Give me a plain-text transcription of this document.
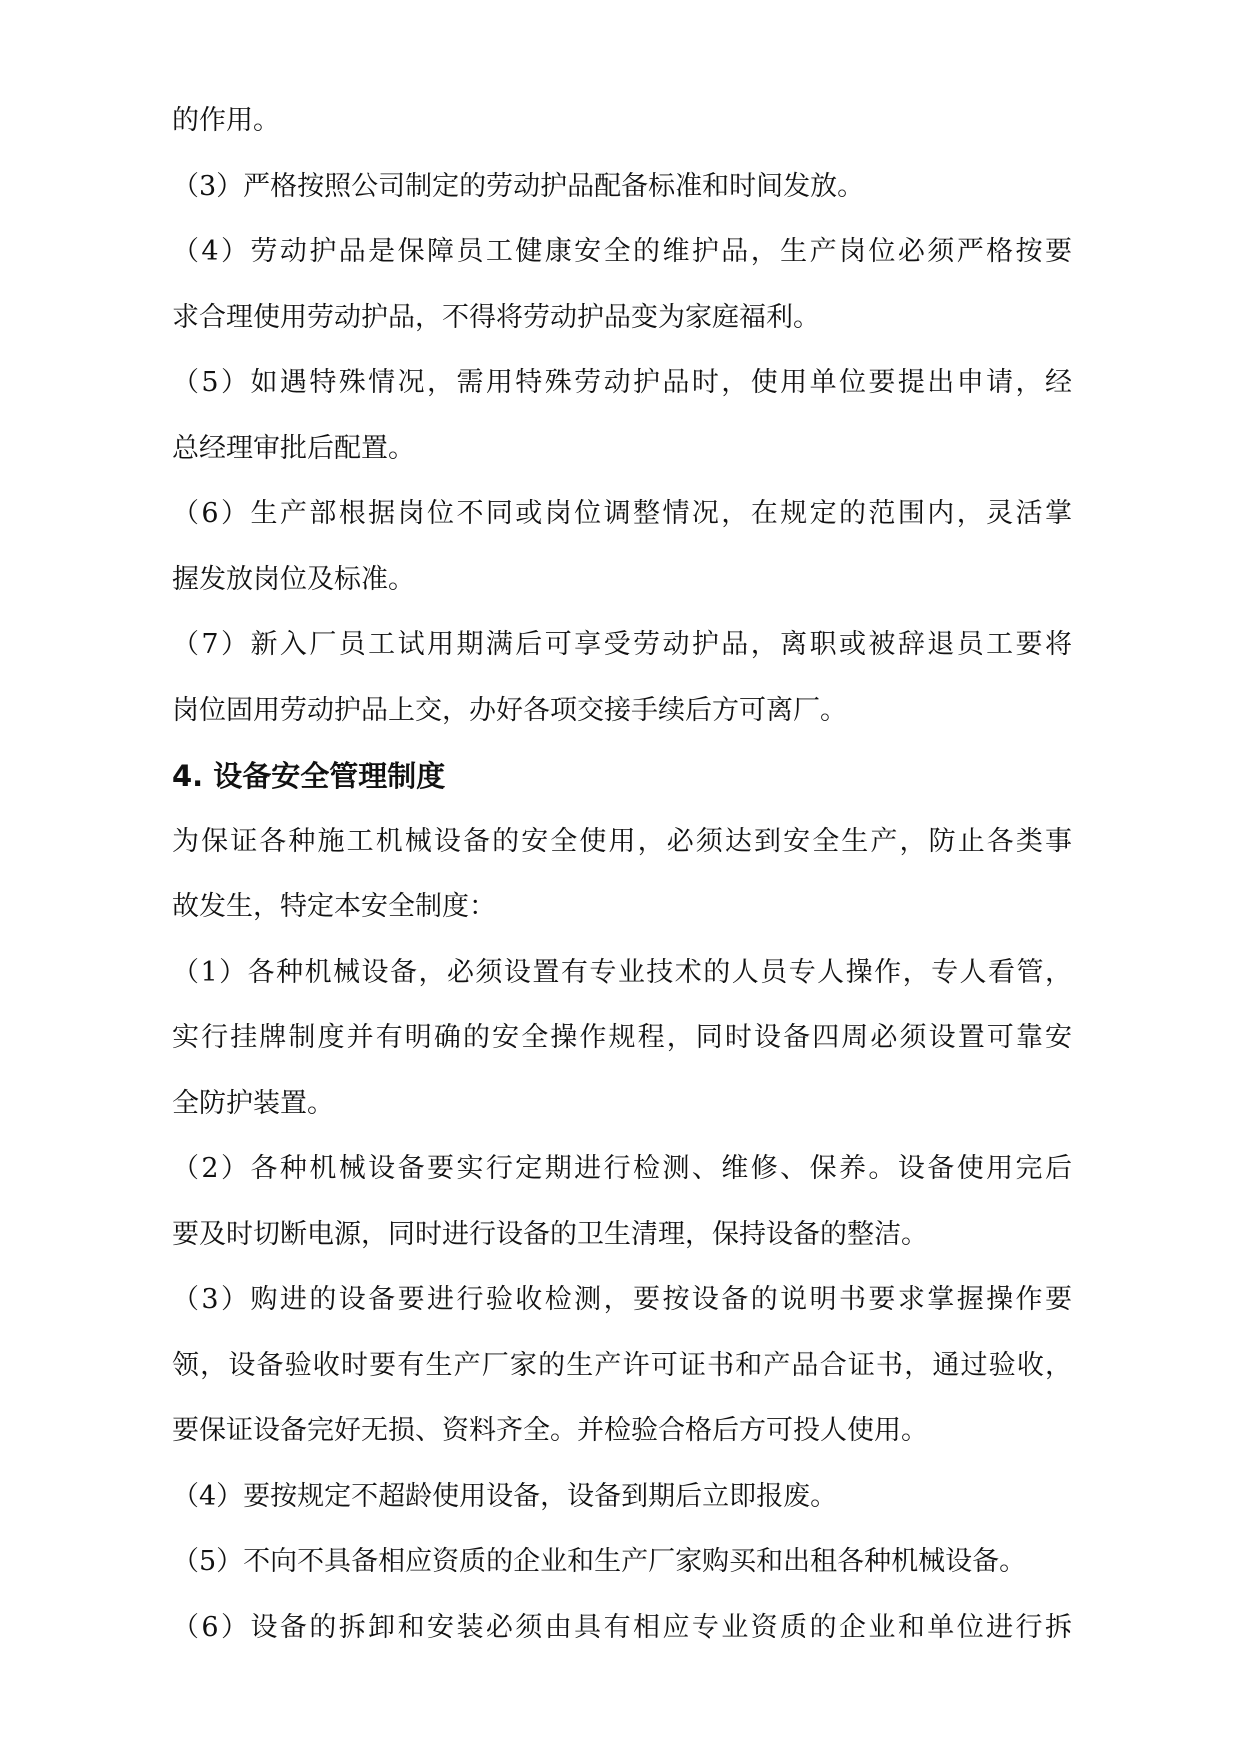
的作用。
（3）严格按照公司制定的劳动护品配备标准和时间发放。
（4）劳动护品是保障员工健康安全的维护品，生产岗位必须严格按要
求合理使用劳动护品，不得将劳动护品变为家庭福利。
（5）如遇特殊情况，需用特殊劳动护品时，使用单位要提出申请，经
总经理审批后配置。
（6）生产部根据岗位不同或岗位调整情况，在规定的范围内，灵活掌
握发放岗位及标准。
（7）新入厂员工试用期满后可享受劳动护品，离职或被辞退员工要将
岗位固用劳动护品上交，办好各项交接手续后方可离厂。
4. 设备安全管理制度
为保证各种施工机械设备的安全使用，必须达到安全生产，防止各类事
故发生，特定本安全制度：
（1）各种机械设备，必须设置有专业技术的人员专人操作，专人看管，
实行挂牌制度并有明确的安全操作规程，同时设备四周必须设置可靠安
全防护装置。
（2）各种机械设备要实行定期进行检测、维修、保养。设备使用完后
要及时切断电源，同时进行设备的卫生清理，保持设备的整洁。
（3）购进的设备要进行验收检测，要按设备的说明书要求掌握操作要
领，设备验收时要有生产厂家的生产许可证书和产品合证书，通过验收，
要保证设备完好无损、资料齐全。并检验合格后方可投人使用。
（4）要按规定不超龄使用设备，设备到期后立即报废。
（5）不向不具备相应资质的企业和生产厂家购买和出租各种机械设备。
（6）设备的拆卸和安装必须由具有相应专业资质的企业和单位进行拆
